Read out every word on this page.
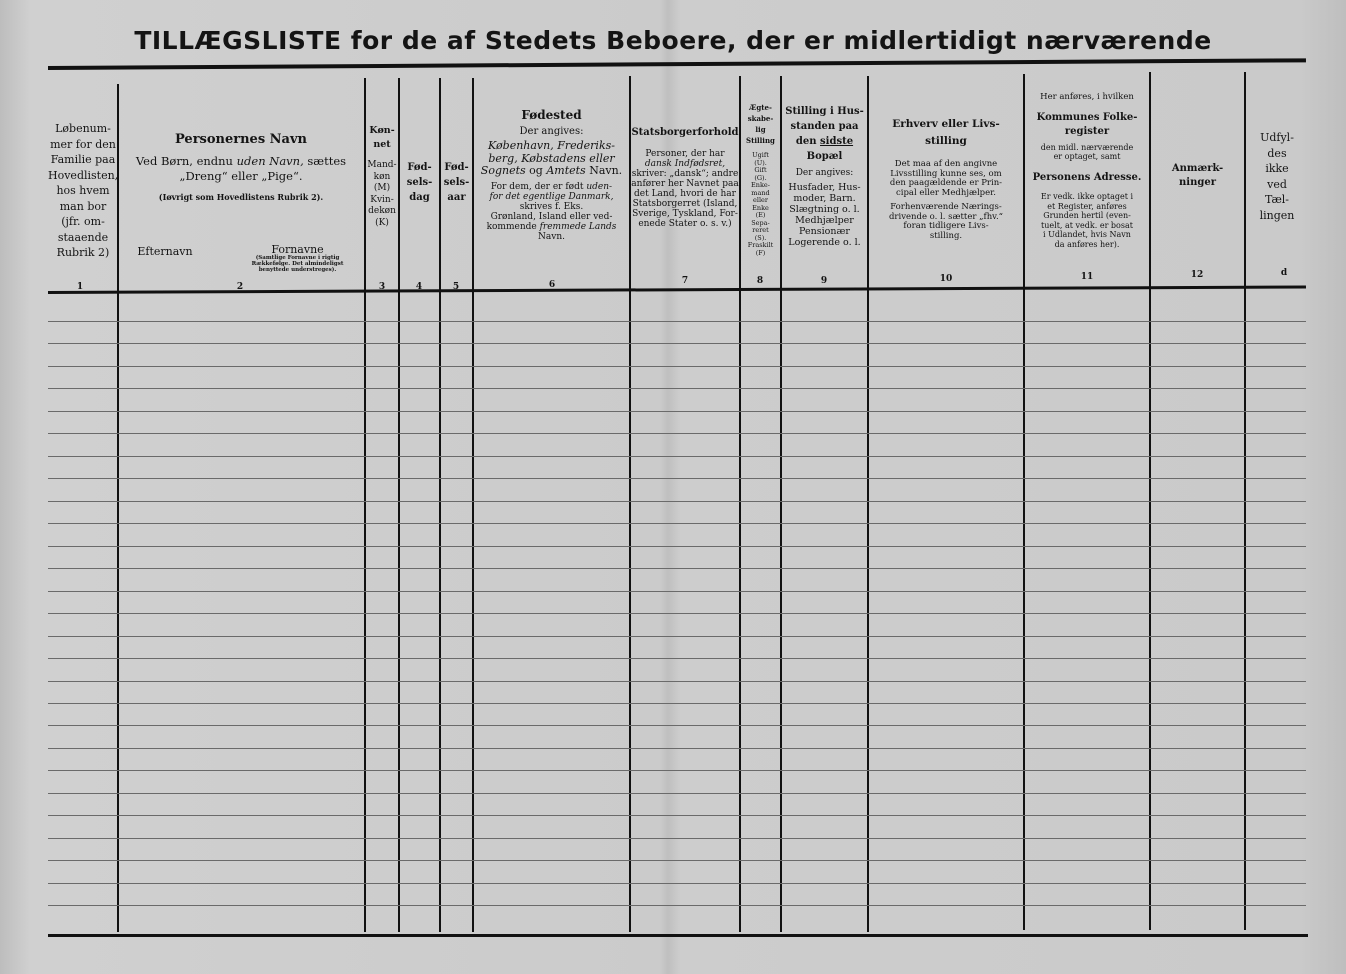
TILLÆGSLISTE for de af Stedets Beboere, der er midlertidigt nærværende
Løbenum-
mer for den
Familie paa
Hovedlisten,
hos hvem
man bor
(jfr. om-
staaende
Rubrik 2)
1
Personernes Navn
Ved Børn, endnu uden Navn, sættes
„Dreng“ eller „Pige“.
(Iøvrigt som Hovedlistens Rubrik 2).
Efternavn	Fornavne
(Samtlige Fornavne i rigtig Rækkefølge. Det almindeligst benyttede understreges).
2
Køn-
net
Mand-
køn
(M)
Kvin-
dekøn
(K)
3
Fød-
sels-
dag
4
Fød-
sels-
aar
5
Fødested
Der angives:
København, Frederiks-
berg, Købstadens eller
Sognets og Amtets Navn.
For dem, der er født uden-
for det egentlige Danmark, skrives f. Eks.
Grønland, Island eller ved-
kommende fremmede Lands Navn.
6
Statsborgerforhold
Personer, der har
dansk Indfødsret,
skriver: „dansk“; andre
anfører her Navnet paa
det Land, hvori de har
Statsborgerret (Island,
Sverige, Tyskland, For-
enede Stater o. s. v.)
7
Ægte-
skabe-
lig
Stilling
Ugift
(U).
Gift
(G).
Enke-
mand
eller
Enke
(E)
Sepa-
reret
(S).
Fraskilt
(F)
8
Stilling i Hus-
standen paa
den sidste
Bopæl
Der angives:
Husfader, Hus-
moder, Barn.
Slægtning o. l.
Medhjælper
Pensionær
Logerende o. l.
9
Erhverv eller Livs-
stilling
Det maa af den angivne
Livsstilling kunne ses, om
den paagældende er Prin-
cipal eller Medhjælper.
Forhenværende Nærings-
drivende o. l. sætter „fhv.“
foran tidligere Livs-
stilling.
10
Her anføres, i hvilken
Kommunes Folke-
register
den midl. nærværende
er optaget, samt
Personens Adresse.
Er vedk. ikke optaget i
et Register, anføres
Grunden hertil (even-
tuelt, at vedk. er bosat
i Udlandet, hvis Navn
da anføres her).
11
Anmærk-
ninger
12
Udfyl-
des
ikke
ved
Tæl-
lingen
d
